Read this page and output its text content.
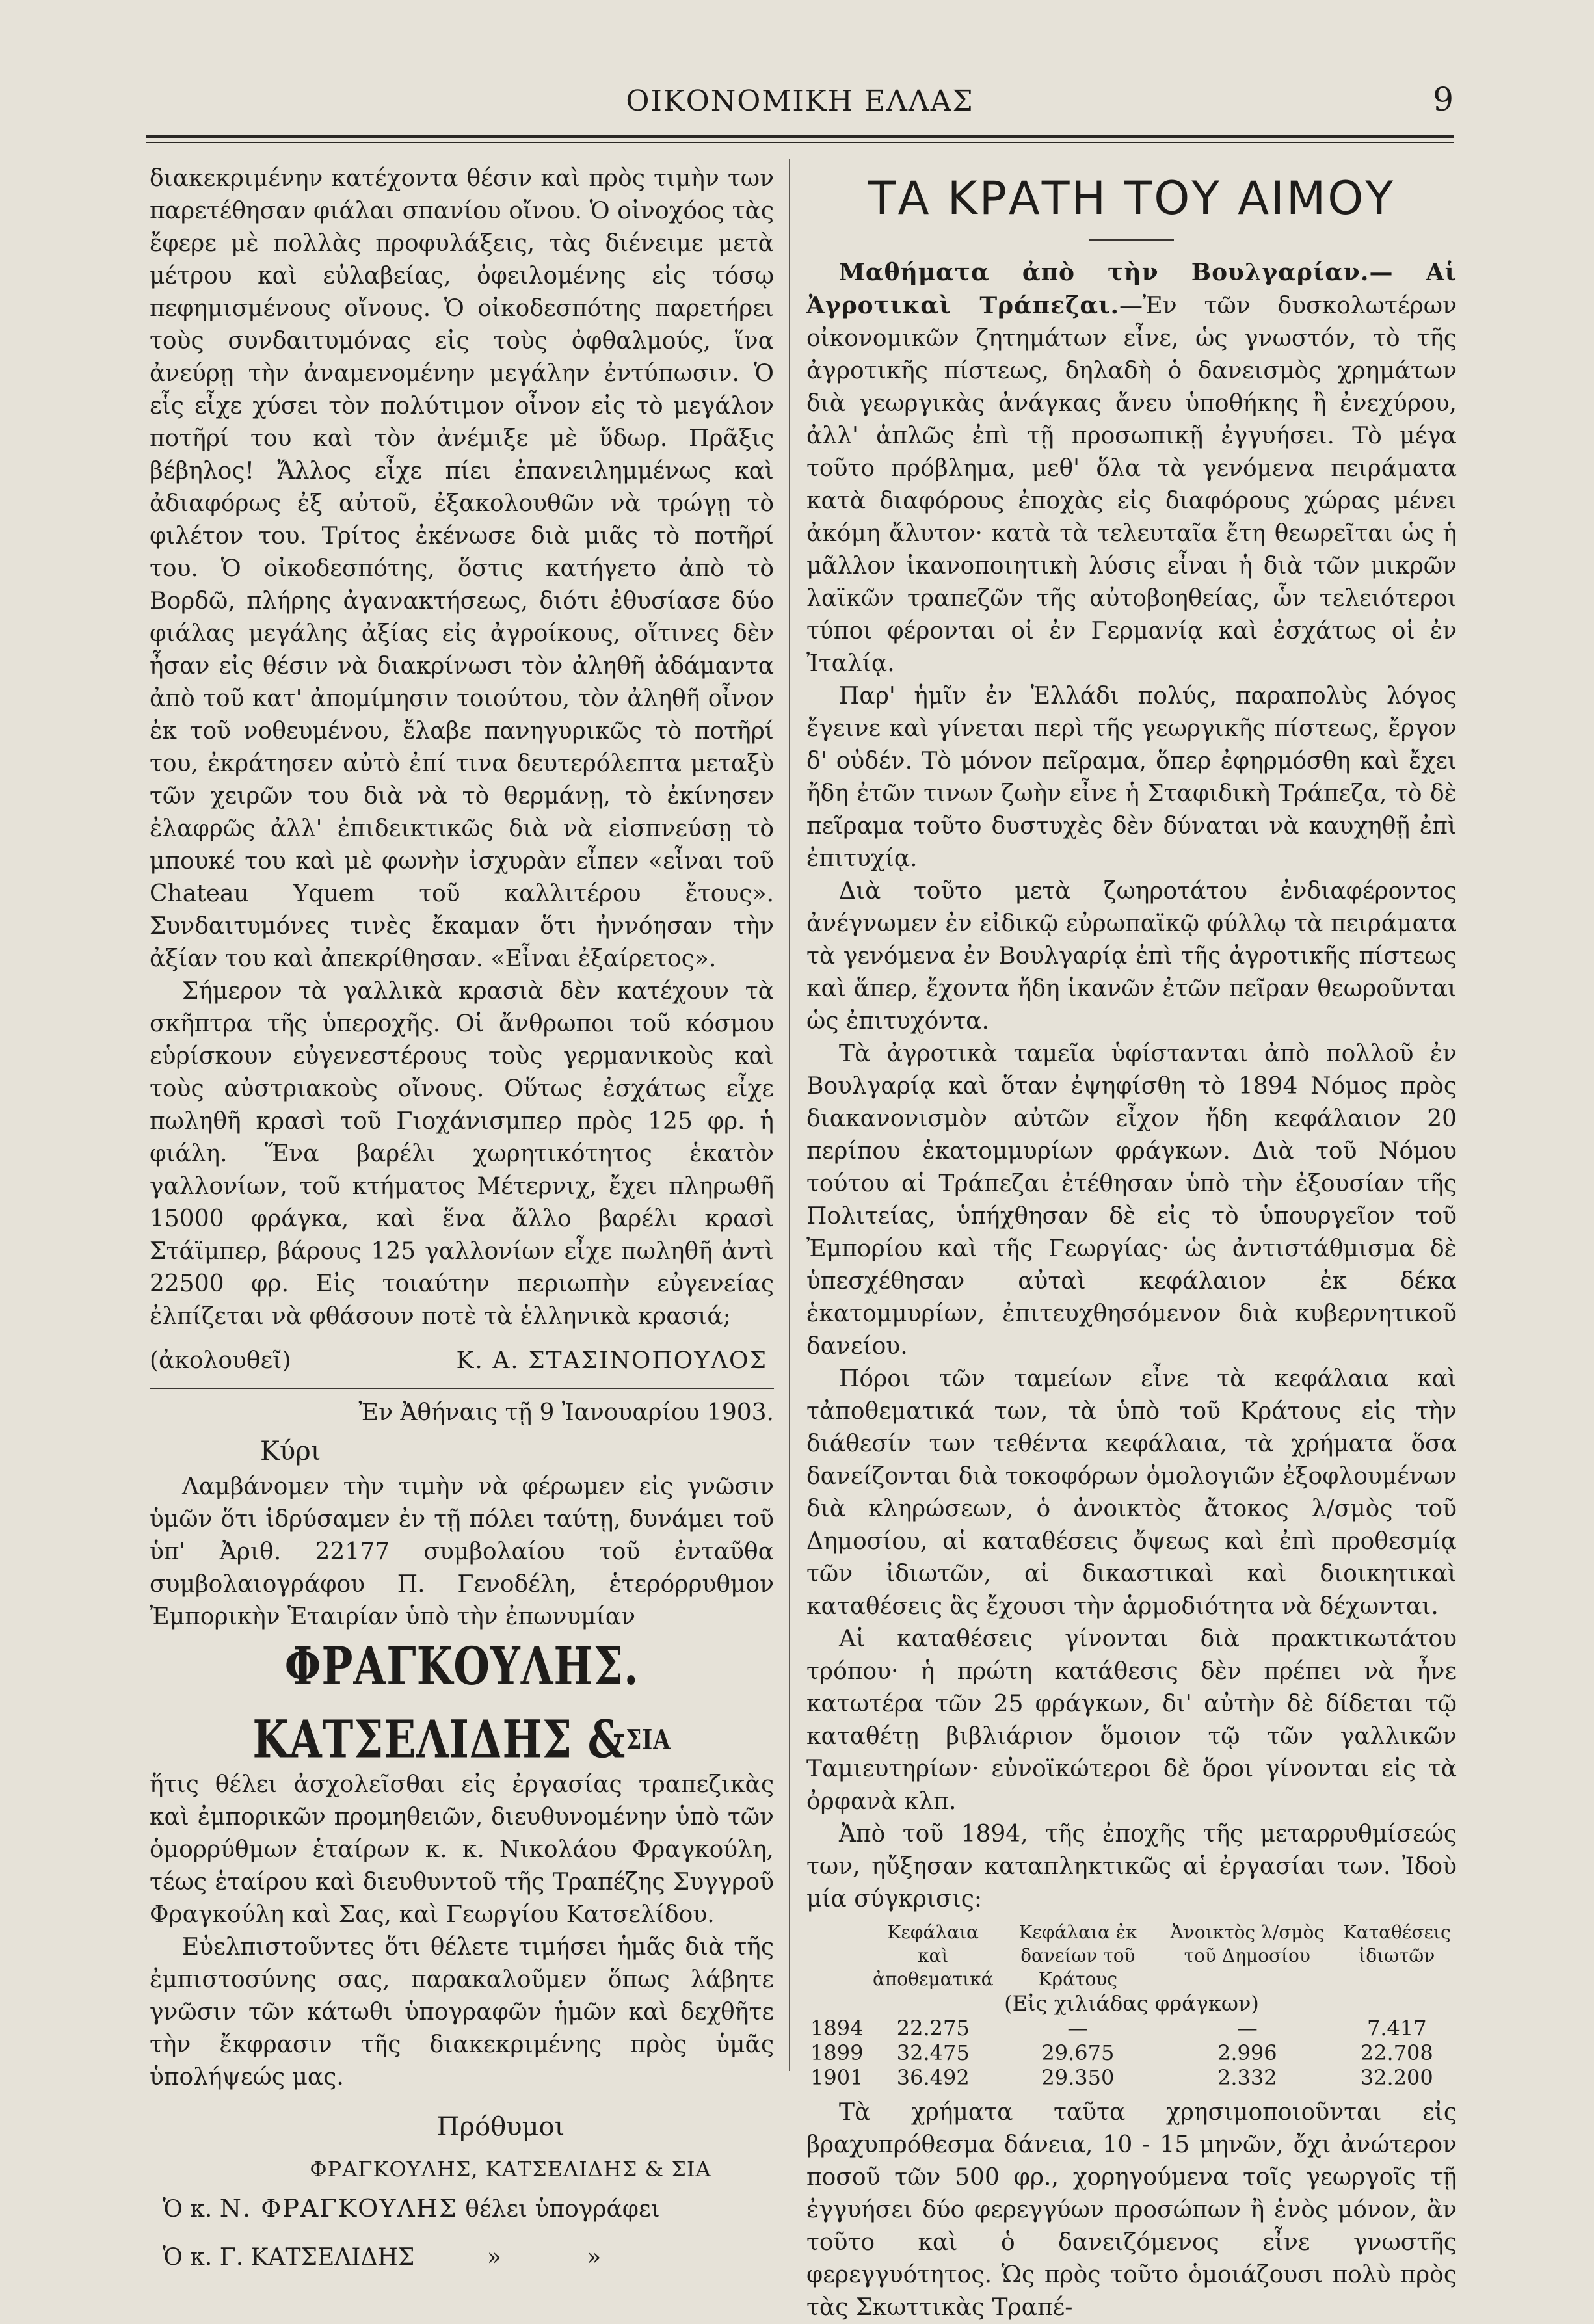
ΟΙΚΟΝΟΜΙΚΗ ΕΛΛΑΣ	9

διακεκριμένην κατέχοντα θέσιν καὶ πρὸς τιμὴν των παρετέθησαν φιάλαι σπανίου οἴνου. Ὁ οἰνοχόος τὰς ἔφερε μὲ πολλὰς προφυλάξεις, τὰς διένειμε μετὰ μέτρου καὶ εὐλαβείας, ὀφειλομένης εἰς τόσῳ πεφημισμένους οἴνους. Ὁ οἰκοδεσπότης παρετήρει τοὺς συνδαιτυμόνας εἰς τοὺς ὀφθαλμούς, ἵνα ἀνεύρῃ τὴν ἀναμενομένην μεγάλην ἐντύπωσιν. Ὁ εἷς εἶχε χύσει τὸν πολύτιμον οἶνον εἰς τὸ μεγάλον ποτῆρί του καὶ τὸν ἀνέμιξε μὲ ὕδωρ. Πρᾶξις βέβηλος! Ἄλλος εἶχε πίει ἐπανειλημμένως καὶ ἀδιαφόρως ἐξ αὐτοῦ, ἐξακολουθῶν νὰ τρώγῃ τὸ φιλέτον του. Τρίτος ἐκένωσε διὰ μιᾶς τὸ ποτῆρί του. Ὁ οἰκοδεσπότης, ὅστις κατήγετο ἀπὸ τὸ Βορδῶ, πλήρης ἀγανακτήσεως, διότι ἐθυσίασε δύο φιάλας μεγάλης ἀξίας εἰς ἀγροίκους, οἵτινες δὲν ἦσαν εἰς θέσιν νὰ διακρίνωσι τὸν ἀληθῆ ἀδάμαντα ἀπὸ τοῦ κατ' ἀπομίμησιν τοιούτου, τὸν ἀληθῆ οἶνον ἐκ τοῦ νοθευμένου, ἔλαβε πανηγυρικῶς τὸ ποτῆρί του, ἐκράτησεν αὐτὸ ἐπί τινα δευτερόλεπτα μεταξὺ τῶν χειρῶν του διὰ νὰ τὸ θερμάνῃ, τὸ ἐκίνησεν ἐλαφρῶς ἀλλ' ἐπιδεικτικῶς διὰ νὰ εἰσπνεύσῃ τὸ μπουκέ του καὶ μὲ φωνὴν ἰσχυρὰν εἶπεν «εἶναι τοῦ Chateau Yquem τοῦ καλλιτέρου ἔτους». Συνδαιτυμόνες τινὲς ἔκαμαν ὅτι ἠννόησαν τὴν ἀξίαν του καὶ ἀπεκρίθησαν. «Εἶναι ἐξαίρετος».

Σήμερον τὰ γαλλικὰ κρασιὰ δὲν κατέχουν τὰ σκῆπτρα τῆς ὑπεροχῆς. Οἱ ἄνθρωποι τοῦ κόσμου εὑρίσκουν εὐγενεστέρους τοὺς γερμανικοὺς καὶ τοὺς αὐστριακοὺς οἴνους. Οὕτως ἐσχάτως εἶχε πωληθῆ κρασὶ τοῦ Γιοχάνισμπερ πρὸς 125 φρ. ἡ φιάλη. Ἕνα βαρέλι χωρητικότητος ἑκατὸν γαλλονίων, τοῦ κτήματος Μέτερνιχ, ἔχει πληρωθῆ 15000 φράγκα, καὶ ἕνα ἄλλο βαρέλι κρασὶ Στάϊμπερ, βάρους 125 γαλλονίων εἶχε πωληθῆ ἀντὶ 22500 φρ. Εἰς τοιαύτην περιωπὴν εὐγενείας ἐλπίζεται νὰ φθάσουν ποτὲ τὰ ἑλληνικὰ κρασιά;

(ἀκολουθεῖ)	Κ. Α. ΣΤΑΣΙΝΟΠΟΥΛΟΣ
Ἐν Ἀθήναις τῇ 9 Ἰανουαρίου 1903.
Κύρι

Λαμβάνομεν τὴν τιμὴν νὰ φέρωμεν εἰς γνῶσιν ὑμῶν ὅτι ἱδρύσαμεν ἐν τῇ πόλει ταύτῃ, δυνάμει τοῦ ὑπ' Ἀριθ. 22177 συμβολαίου τοῦ ἐνταῦθα συμβολαιογράφου Π. Γενοδέλη, ἑτερόρρυθμον Ἐμπορικὴν Ἑταιρίαν ὑπὸ τὴν ἐπωνυμίαν

ΦΡΑΓΚΟΥΛΗΣ. ΚΑΤΣΕΛΙΔΗΣ &$^{\Sigma IA}$

ἥτις θέλει ἀσχολεῖσθαι εἰς ἐργασίας τραπεζικὰς καὶ ἐμπορικῶν προμηθειῶν, διευθυνομένην ὑπὸ τῶν ὁμορρύθμων ἑταίρων κ. κ. Νικολάου Φραγκούλη, τέως ἑταίρου καὶ διευθυντοῦ τῆς Τραπέζης Συγγροῦ Φραγκούλη καὶ Σας, καὶ Γεωργίου Κατσελίδου.

Εὐελπιστοῦντες ὅτι θέλετε τιμήσει ἡμᾶς διὰ τῆς ἐμπιστοσύνης σας, παρακαλοῦμεν ὅπως λάβητε γνῶσιν τῶν κάτωθι ὑπογραφῶν ἡμῶν καὶ δεχθῆτε τὴν ἔκφρασιν τῆς διακεκριμένης πρὸς ὑμᾶς ὑπολήψεώς μας.

Πρόθυμοι
ΦΡΑΓΚΟΥΛΗΣ, ΚΑΤΣΕΛΙΔΗΣ & ΣΙΑ
Ὁ κ. Ν. ΦΡΑΓΚΟΥΛΗΣ θέλει ὑπογράφει
Ὁ κ. Γ. ΚΑΤΣΕΛΙΔΗΣ	»	»
ΤΑ ΚΡΑΤΗ ΤΟΥ ΑΙΜΟΥ

Μαθήματα ἀπὸ τὴν Βουλγαρίαν.— Αἱ Ἀγροτικαὶ Τράπεζαι.—Ἐν τῶν δυσκολωτέρων οἰκονομικῶν ζητημάτων εἶνε, ὡς γνωστόν, τὸ τῆς ἀγροτικῆς πίστεως, δηλαδὴ ὁ δανεισμὸς χρημάτων διὰ γεωργικὰς ἀνάγκας ἄνευ ὑποθήκης ἢ ἐνεχύρου, ἀλλ' ἁπλῶς ἐπὶ τῇ προσωπικῇ ἐγγυήσει. Τὸ μέγα τοῦτο πρόβλημα, μεθ' ὅλα τὰ γενόμενα πειράματα κατὰ διαφόρους ἐποχὰς εἰς διαφόρους χώρας μένει ἀκόμη ἄλυτον· κατὰ τὰ τελευταῖα ἔτη θεωρεῖται ὡς ἡ μᾶλλον ἱκανοποιητικὴ λύσις εἶναι ἡ διὰ τῶν μικρῶν λαϊκῶν τραπεζῶν τῆς αὐτοβοηθείας, ὧν τελειότεροι τύποι φέρονται οἱ ἐν Γερμανίᾳ καὶ ἐσχάτως οἱ ἐν Ἰταλίᾳ.

Παρ' ἡμῖν ἐν Ἑλλάδι πολύς, παραπολὺς λόγος ἔγεινε καὶ γίνεται περὶ τῆς γεωργικῆς πίστεως, ἔργον δ' οὐδέν. Τὸ μόνον πεῖραμα, ὅπερ ἐφηρμόσθη καὶ ἔχει ἤδη ἐτῶν τινων ζωὴν εἶνε ἡ Σταφιδικὴ Τράπεζα, τὸ δὲ πεῖραμα τοῦτο δυστυχὲς δὲν δύναται νὰ καυχηθῇ ἐπὶ ἐπιτυχίᾳ.

Διὰ τοῦτο μετὰ ζωηροτάτου ἐνδιαφέροντος ἀνέγνωμεν ἐν εἰδικῷ εὐρωπαϊκῷ φύλλῳ τὰ πειράματα τὰ γενόμενα ἐν Βουλγαρίᾳ ἐπὶ τῆς ἀγροτικῆς πίστεως καὶ ἅπερ, ἔχοντα ἤδη ἱκανῶν ἐτῶν πεῖραν θεωροῦνται ὡς ἐπιτυχόντα.

Τὰ ἀγροτικὰ ταμεῖα ὑφίστανται ἀπὸ πολλοῦ ἐν Βουλγαρίᾳ καὶ ὅταν ἐψηφίσθη τὸ 1894 Νόμος πρὸς διακανονισμὸν αὐτῶν εἶχον ἤδη κεφάλαιον 20 περίπου ἑκατομμυρίων φράγκων. Διὰ τοῦ Νόμου τούτου αἱ Τράπεζαι ἐτέθησαν ὑπὸ τὴν ἐξουσίαν τῆς Πολιτείας, ὑπήχθησαν δὲ εἰς τὸ ὑπουργεῖον τοῦ Ἐμπορίου καὶ τῆς Γεωργίας· ὡς ἀντιστάθμισμα δὲ ὑπεσχέθησαν αὐταὶ κεφάλαιον ἐκ δέκα ἑκατομμυρίων, ἐπιτευχθησόμενον διὰ κυβερνητικοῦ δανείου.

Πόροι τῶν ταμείων εἶνε τὰ κεφάλαια καὶ τἀποθεματικά των, τὰ ὑπὸ τοῦ Κράτους εἰς τὴν διάθεσίν των τεθέντα κεφάλαια, τὰ χρήματα ὅσα δανείζονται διὰ τοκοφόρων ὁμολογιῶν ἐξοφλουμένων διὰ κληρώσεων, ὁ ἀνοικτὸς ἄτοκος λ/σμὸς τοῦ Δημοσίου, αἱ καταθέσεις ὄψεως καὶ ἐπὶ προθεσμίᾳ τῶν ἰδιωτῶν, αἱ δικαστικαὶ καὶ διοικητικαὶ καταθέσεις ἃς ἔχουσι τὴν ἁρμοδιότητα νὰ δέχωνται.

Αἱ καταθέσεις γίνονται διὰ πρακτικωτάτου τρόπου· ἡ πρώτη κατάθεσις δὲν πρέπει νὰ ἦνε κατωτέρα τῶν 25 φράγκων, δι' αὐτὴν δὲ δίδεται τῷ καταθέτῃ βιβλιάριον ὅμοιον τῷ τῶν γαλλικῶν Ταμιευτηρίων· εὐνοϊκώτεροι δὲ ὅροι γίνονται εἰς τὰ ὀρφανὰ κλπ.

Ἀπὸ τοῦ 1894, τῆς ἐποχῆς τῆς μεταρρυθμίσεώς των, ηὔξησαν καταπληκτικῶς αἱ ἐργασίαι των. Ἰδοὺ μία σύγκρισις:

	Κεφάλαια καὶ ἀποθεματικά	Κεφάλαια ἐκ δανείων τοῦ Κράτους	Ἀνοικτὸς λ/σμὸς τοῦ Δημοσίου	Καταθέσεις ἰδιωτῶν
(Εἰς χιλιάδας φράγκων)				
1894	22.275	—	—	7.417
1899	32.475	29.675	2.996	22.708
1901	36.492	29.350	2.332	32.200

Τὰ χρήματα ταῦτα χρησιμοποιοῦνται εἰς βραχυπρόθεσμα δάνεια, 10 - 15 μηνῶν, ὄχι ἀνώτερον ποσοῦ τῶν 500 φρ., χορηγούμενα τοῖς γεωργοῖς τῇ ἐγγυήσει δύο φερεγγύων προσώπων ἢ ἑνὸς μόνον, ἂν τοῦτο καὶ ὁ δανειζόμενος εἶνε γνωστῆς φερεγγυότητος. Ὡς πρὸς τοῦτο ὁμοιάζουσι πολὺ πρὸς τὰς Σκωττικὰς Τραπέ-
